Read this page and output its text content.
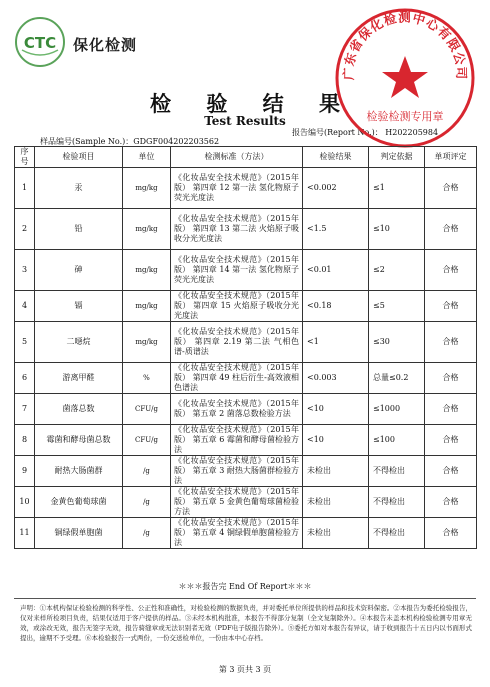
CTC 保化检测
检 验 结 果
Test Results
报告编号(Report No.)： H202205984
样品编号(Sample No.)：GDGF004202203562
广东省保化检测中心有限公司
检验检测专用章
序号	检验项目	单位	检测标准（方法）	检验结果	判定依据	单项评定
1	汞	mg/kg	《化妆品安全技术规范》（2015年版） 第四章 12 第一法 氢化物原子荧光光度法	<0.002	≤1	合格
2	铅	mg/kg	《化妆品安全技术规范》（2015年版） 第四章 13 第二法 火焰原子吸收分光光度法	<1.5	≤10	合格
3	砷	mg/kg	《化妆品安全技术规范》（2015年版） 第四章 14 第一法 氢化物原子荧光光度法	<0.01	≤2	合格
4	镉	mg/kg	《化妆品安全技术规范》（2015年版） 第四章 15 火焰原子吸收分光光度法	<0.18	≤5	合格
5	二噁烷	mg/kg	《化妆品安全技术规范》（2015年版） 第四章 2.19 第二法 气相色谱-质谱法	<1	≤30	合格
6	游离甲醛	%	《化妆品安全技术规范》（2015年版） 第四章 49 柱后衍生-高效液相色谱法	<0.003	总量≤0.2	合格
7	菌落总数	CFU/g	《化妆品安全技术规范》（2015年版） 第五章 2 菌落总数检验方法	<10	≤1000	合格
8	霉菌和酵母菌总数	CFU/g	《化妆品安全技术规范》（2015年版） 第五章 6 霉菌和酵母菌检验方法	<10	≤100	合格
9	耐热大肠菌群	/g	《化妆品安全技术规范》（2015年版） 第五章 3 耐热大肠菌群检验方法	未检出	不得检出	合格
10	金黄色葡萄球菌	/g	《化妆品安全技术规范》（2015年版） 第五章 5 金黄色葡萄球菌检验方法	未检出	不得检出	合格
11	铜绿假单胞菌	/g	《化妆品安全技术规范》（2015年版） 第五章 4 铜绿假单胞菌检验方法	未检出	不得检出	合格
＊＊＊报告完 End Of Report＊＊＊
声明：①本机构保证检验检测的科学性、公正性和准确性，对检验检测的数据负责，并对委托单位所提供的样品和技术资料保密。②本报告为委托检验报告，仅对来样所检项目负责，结果仅适用于客户提供的样品。③未经本机构批准，本报告不得部分复制（全文复制除外）。④本报告未盖本机构检验检测专用章无效，或涂改无效，报告无签字无效，报告骑缝章或无法识别者无效（PDF电子版报告除外）。⑤委托方如对本报告有异议，请于收到报告十五日内以书面形式提出，逾期不予受理。⑥本检验报告一式两份，一份交送检单位，一份由本中心存档。
第 3 页共 3 页
